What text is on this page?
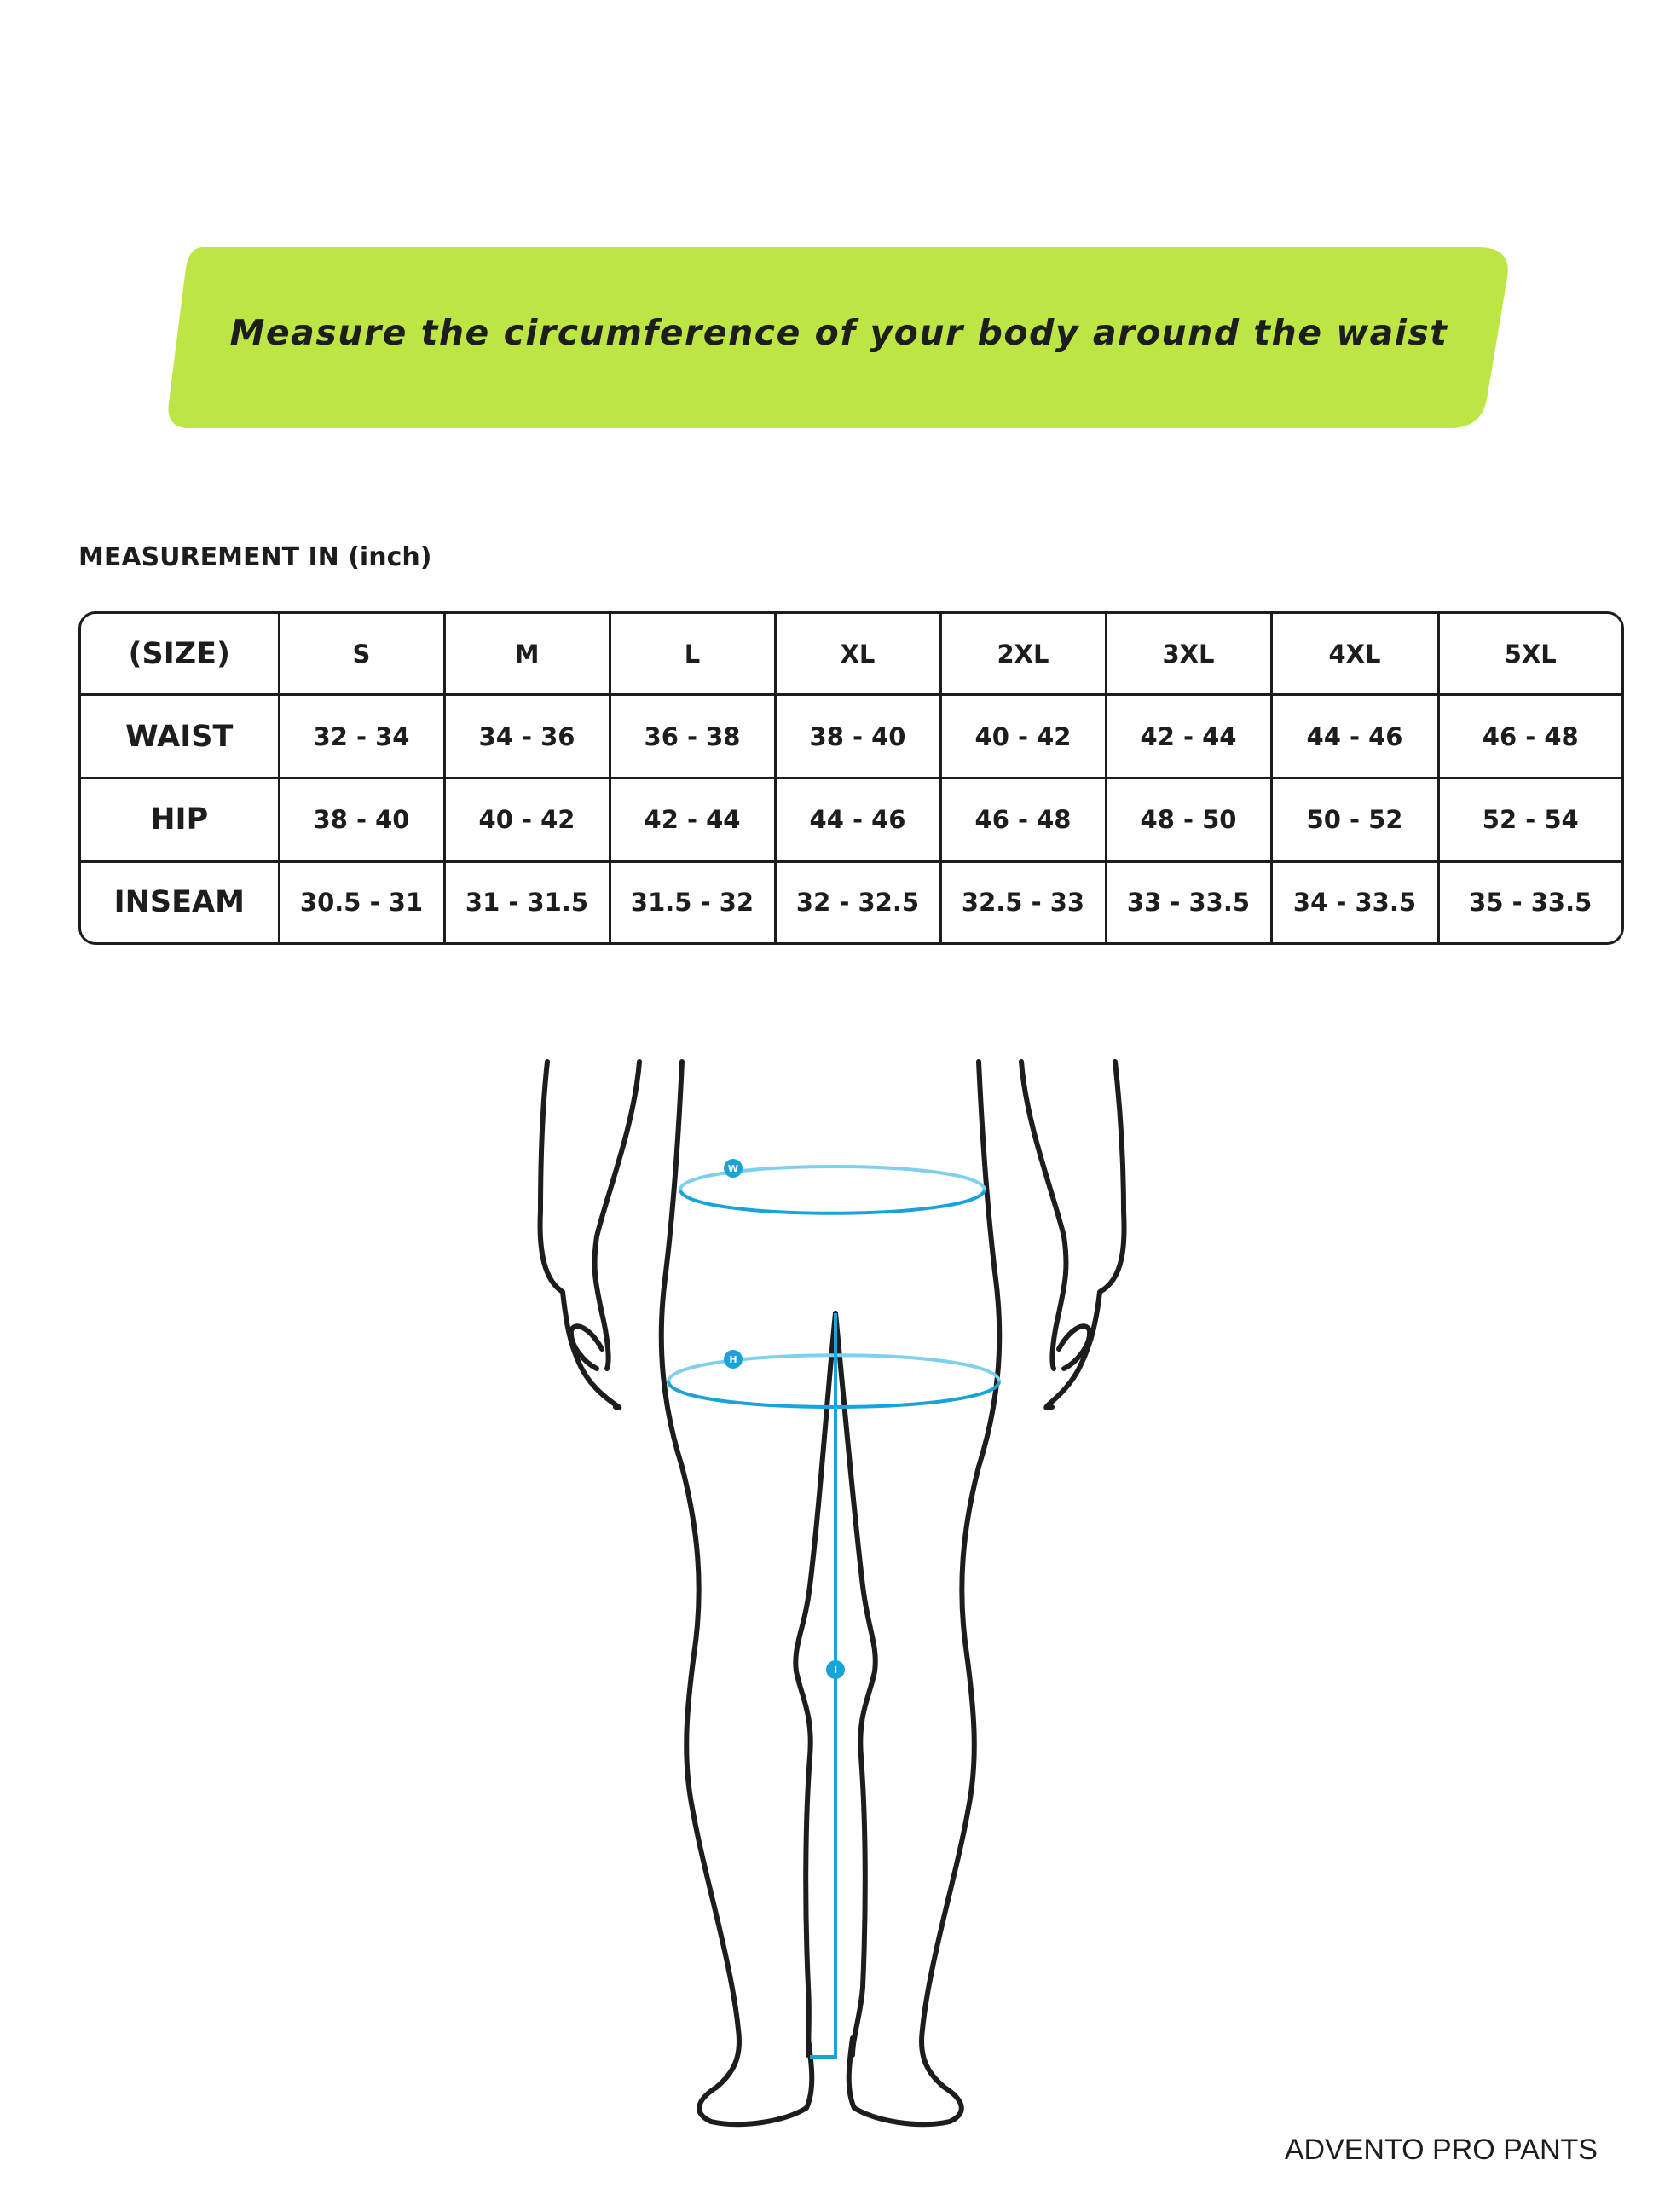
Measure the circumference of your body around the waist
MEASUREMENT IN (inch)
(SIZE)	S	M	L	XL	2XL	3XL	4XL	5XL
WAIST	32 - 34	34 - 36	36 - 38	38 - 40	40 - 42	42 - 44	44 - 46	46 - 48
HIP	38 - 40	40 - 42	42 - 44	44 - 46	46 - 48	48 - 50	50 - 52	52 - 54
INSEAM	30.5 - 31	31 - 31.5	31.5 - 32	32 - 32.5	32.5 - 33	33 - 33.5	34 - 33.5	35 - 33.5
W
H
I
ADVENTO PRO PANTS
